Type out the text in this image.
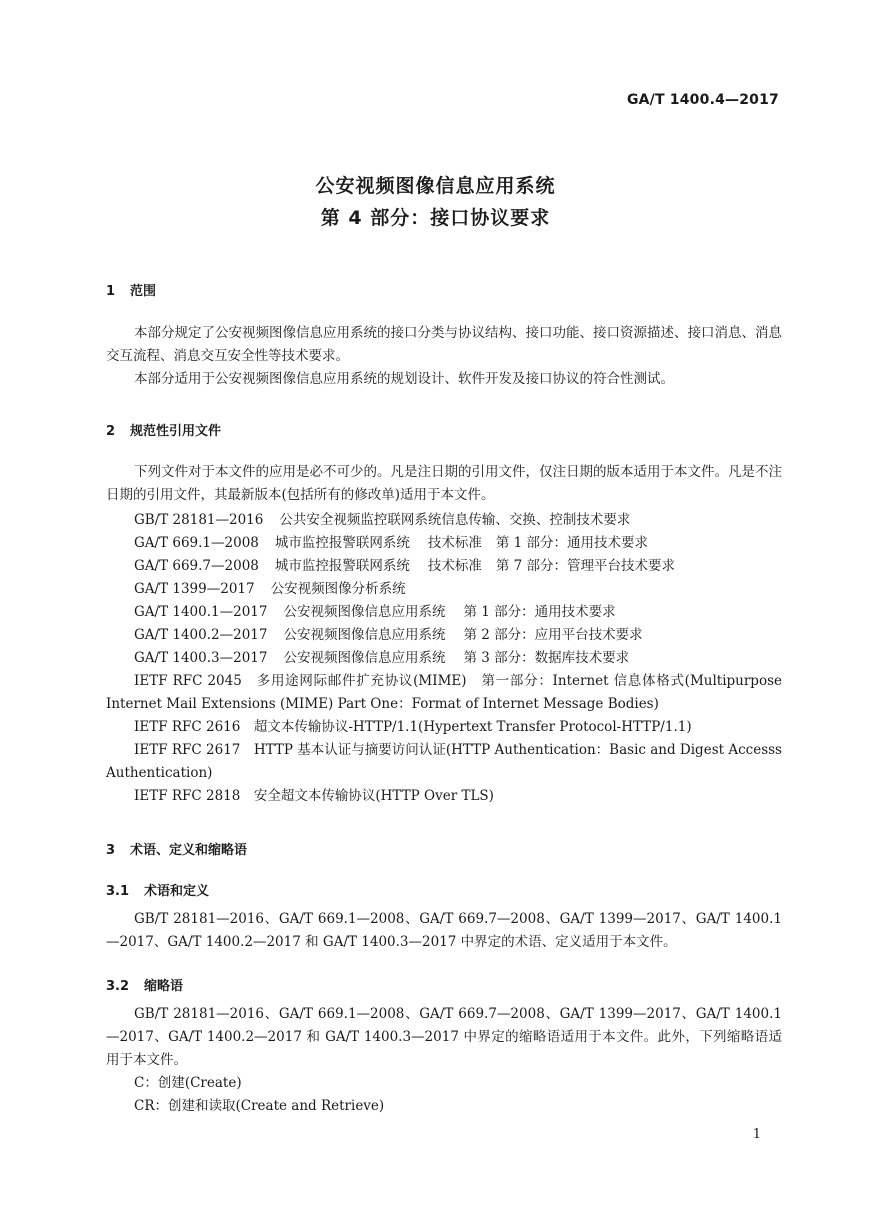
GA/T 1400.4—2017
公安视频图像信息应用系统
第 4 部分：接口协议要求
1 范围

本部分规定了公安视频图像信息应用系统的接口分类与协议结构、接口功能、接口资源描述、接口消息、消息交互流程、消息交互安全性等技术要求。

本部分适用于公安视频图像信息应用系统的规划设计、软件开发及接口协议的符合性测试。

2 规范性引用文件

下列文件对于本文件的应用是必不可少的。凡是注日期的引用文件，仅注日期的版本适用于本文件。凡是不注日期的引用文件，其最新版本(包括所有的修改单)适用于本文件。

GB/T 28181—2016 公共安全视频监控联网系统信息传输、交换、控制技术要求
GA/T 669.1—2008 城市监控报警联网系统 技术标准 第 1 部分：通用技术要求
GA/T 669.7—2008 城市监控报警联网系统 技术标准 第 7 部分：管理平台技术要求
GA/T 1399—2017 公安视频图像分析系统
GA/T 1400.1—2017 公安视频图像信息应用系统 第 1 部分：通用技术要求
GA/T 1400.2—2017 公安视频图像信息应用系统 第 2 部分：应用平台技术要求
GA/T 1400.3—2017 公安视频图像信息应用系统 第 3 部分：数据库技术要求

IETF RFC 2045　多用途网际邮件扩充协议(MIME)　第一部分：Internet 信息体格式(Multipurpose Internet Mail Extensions (MIME) Part One：Format of Internet Message Bodies)

IETF RFC 2616　超文本传输协议-HTTP/1.1(Hypertext Transfer Protocol-HTTP/1.1)

IETF RFC 2617　HTTP 基本认证与摘要访问认证(HTTP Authentication：Basic and Digest Accesss Authentication)

IETF RFC 2818　安全超文本传输协议(HTTP Over TLS)

3 术语、定义和缩略语
3.1 术语和定义

GB/T 28181—2016、GA/T 669.1—2008、GA/T 669.7—2008、GA/T 1399—2017、GA/T 1400.1—2017、GA/T 1400.2—2017 和 GA/T 1400.3—2017 中界定的术语、定义适用于本文件。

3.2 缩略语

GB/T 28181—2016、GA/T 669.1—2008、GA/T 669.7—2008、GA/T 1399—2017、GA/T 1400.1—2017、GA/T 1400.2—2017 和 GA/T 1400.3—2017 中界定的缩略语适用于本文件。此外，下列缩略语适用于本文件。

C：创建(Create)

CR：创建和读取(Create and Retrieve)

1
